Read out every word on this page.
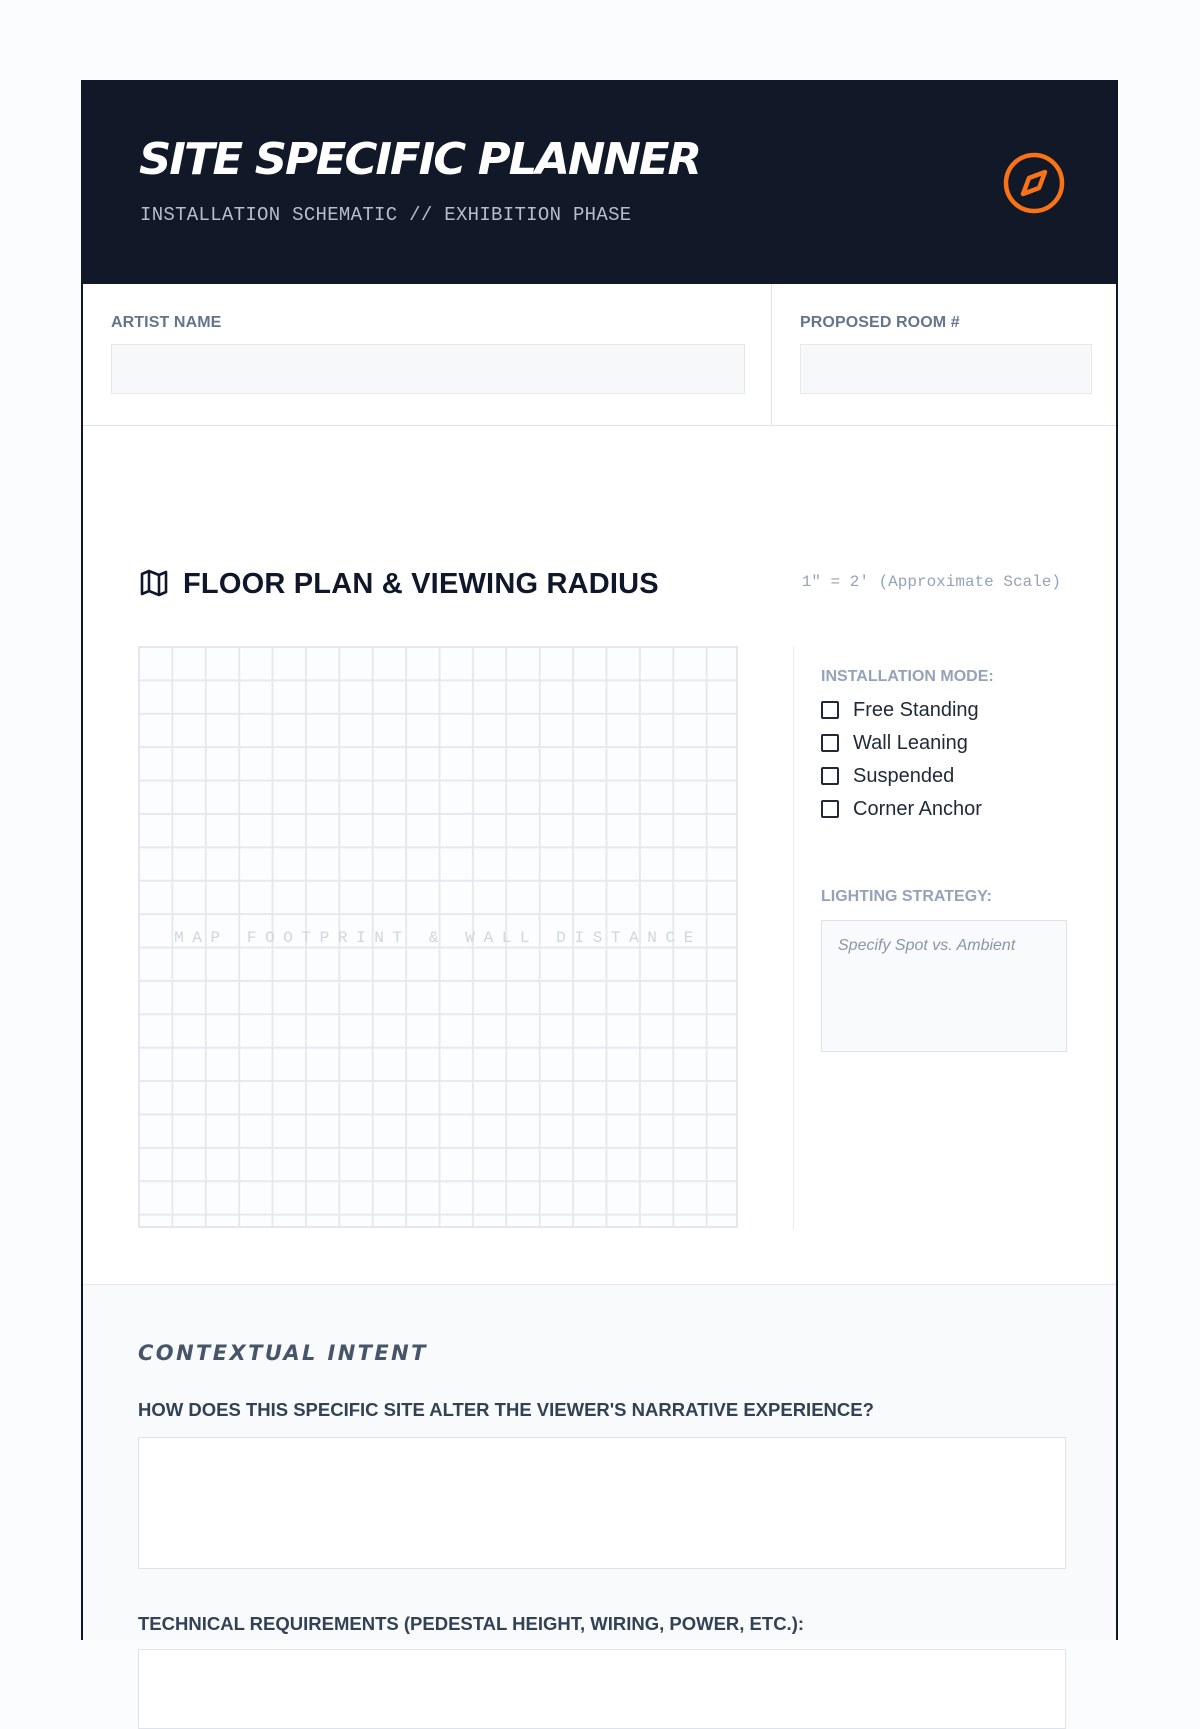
SITE SPECIFIC PLANNER
INSTALLATION SCHEMATIC // EXHIBITION PHASE
ARTIST NAME	PROPOSED ROOM #
FLOOR PLAN & VIEWING RADIUS	1" = 2' (Approximate Scale)
MAP FOOTPRINT & WALL DISTANCE
INSTALLATION MODE:
Free Standing
Wall Leaning
Suspended
Corner Anchor
LIGHTING STRATEGY:
Specify Spot vs. Ambient
CONTEXTUAL INTENT
HOW DOES THIS SPECIFIC SITE ALTER THE VIEWER'S NARRATIVE EXPERIENCE?
TECHNICAL REQUIREMENTS (PEDESTAL HEIGHT, WIRING, POWER, ETC.):
